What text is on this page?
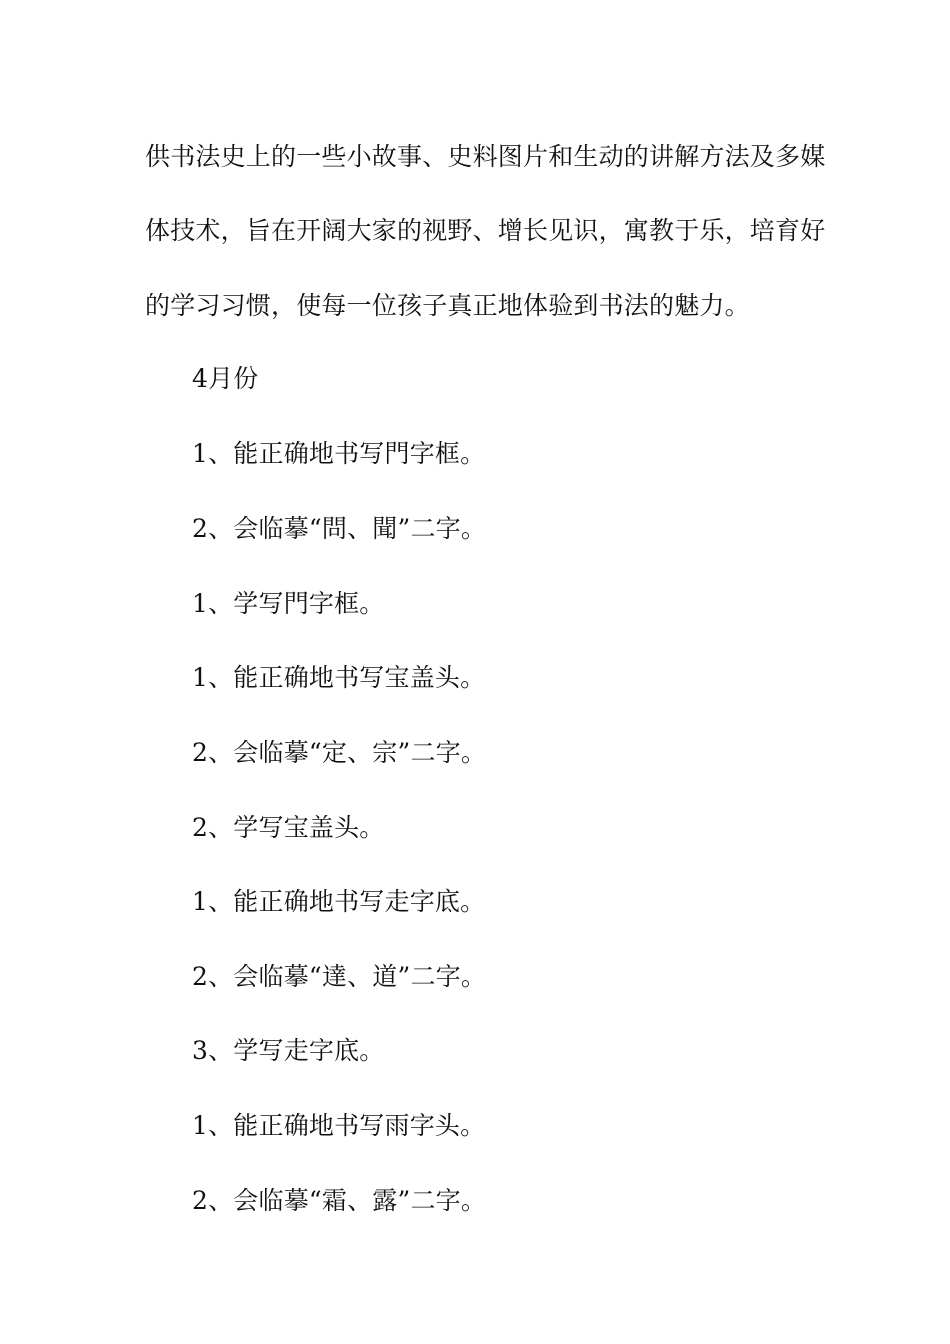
供书法史上的一些小故事、史料图片和生动的讲解方法及多媒
体技术，旨在开阔大家的视野、增长见识，寓教于乐，培育好
的学习习惯，使每一位孩子真正地体验到书法的魅力。
4月份
1、能正确地书写門字框。
2、会临摹“問、聞”二字。
1、学写門字框。
1、能正确地书写宝盖头。
2、会临摹“定、宗”二字。
2、学写宝盖头。
1、能正确地书写走字底。
2、会临摹“達、道”二字。
3、学写走字底。
1、能正确地书写雨字头。
2、会临摹“霜、露”二字。
